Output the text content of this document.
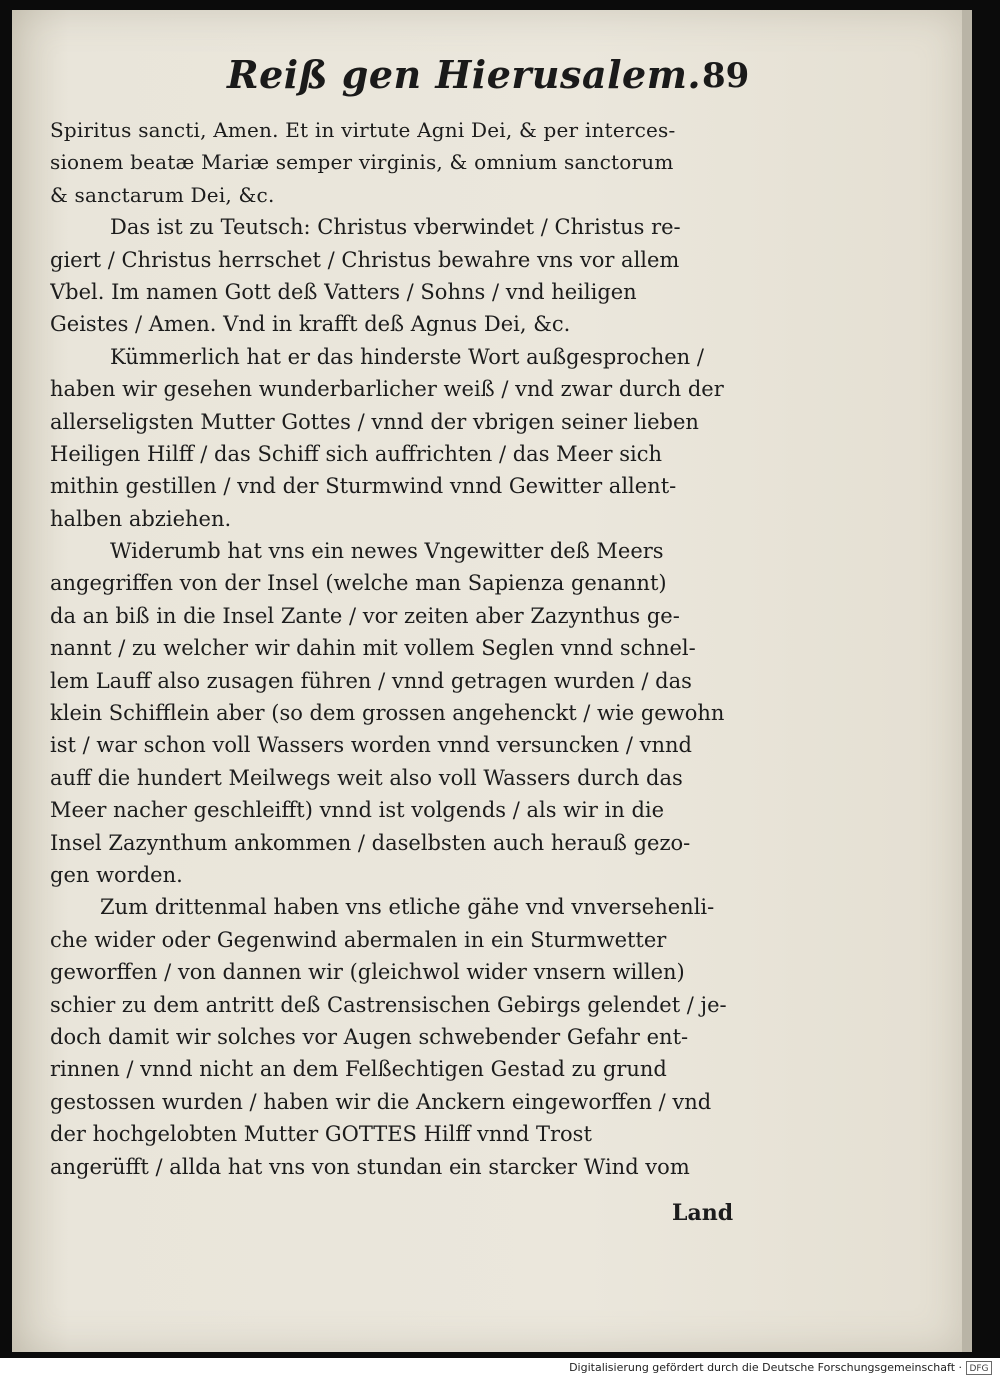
Reiß gen Hierusalem. 89
Spiritus sancti, Amen. Et in virtute Agni Dei, & per interces-
sionem beatæ Mariæ semper virginis, & omnium sanctorum
& sanctarum Dei, &c.
Das ist zu Teutsch: Christus vberwindet / Christus re-
giert / Christus herrschet / Christus bewahre vns vor allem
Vbel. Im namen Gott deß Vatters / Sohns / vnd heiligen
Geistes / Amen. Vnd in krafft deß Agnus Dei, &c.
Kümmerlich hat er das hinderste Wort außgesprochen /
haben wir gesehen wunderbarlicher weiß / vnd zwar durch der
allerseligsten Mutter Gottes / vnnd der vbrigen seiner lieben
Heiligen Hilff / das Schiff sich auffrichten / das Meer sich
mithin gestillen / vnd der Sturmwind vnnd Gewitter allent-
halben abziehen.
Widerumb hat vns ein newes Vngewitter deß Meers
angegriffen von der Insel (welche man Sapienza genannt)
da an biß in die Insel Zante / vor zeiten aber Zazynthus ge-
nannt / zu welcher wir dahin mit vollem Seglen vnnd schnel-
lem Lauff also zusagen führen / vnnd getragen wurden / das
klein Schifflein aber (so dem grossen angehenckt / wie gewohn
ist / war schon voll Wassers worden vnnd versuncken / vnnd
auff die hundert Meilwegs weit also voll Wassers durch das
Meer nacher geschleifft) vnnd ist volgends / als wir in die
Insel Zazynthum ankommen / daselbsten auch herauß gezo-
gen worden.
Zum drittenmal haben vns etliche gähe vnd vnversehenli-
che wider oder Gegenwind abermalen in ein Sturmwetter
geworffen / von dannen wir (gleichwol wider vnsern willen)
schier zu dem antritt deß Castrensischen Gebirgs gelendet / je-
doch damit wir solches vor Augen schwebender Gefahr ent-
rinnen / vnnd nicht an dem Felßechtigen Gestad zu grund
gestossen wurden / haben wir die Anckern eingeworffen / vnd
der hochgelobten Mutter GOTTES Hilff vnnd Trost
angerüfft / allda hat vns von stundan ein starcker Wind vom
Land
Digitalisierung gefördert durch die Deutsche Forschungsgemeinschaft · DFG
